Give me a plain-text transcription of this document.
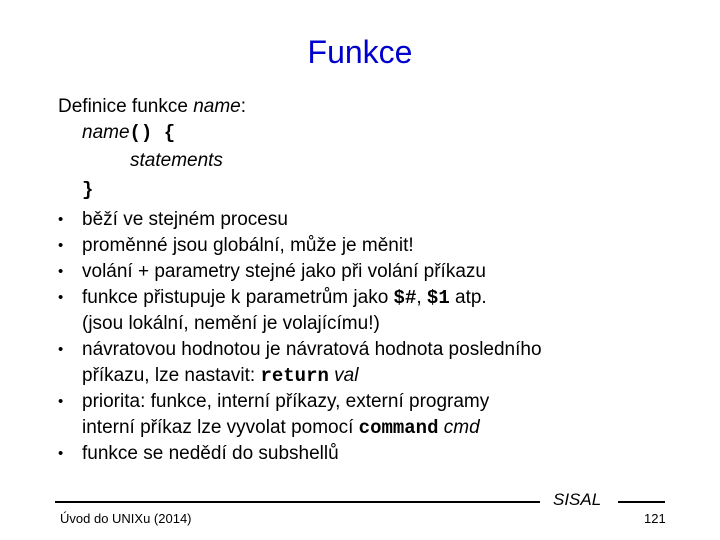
Funkce
Definice funkce name:
name() {
statements
}
• běží ve stejném procesu
• proměnné jsou globální, může je měnit!
• volání + parametry stejné jako při volání příkazu
• funkce přistupuje k parametrům jako $#, $1 atp.
(jsou lokální, nemění je volajícímu!)
• návratovou hodnotou je návratová hodnota posledního
příkazu, lze nastavit: return val
• priorita: funkce, interní příkazy, externí programy
interní příkaz lze vyvolat pomocí command cmd
• funkce se nedědí do subshellů
Úvod do UNIXu (2014)
SISAL
121
